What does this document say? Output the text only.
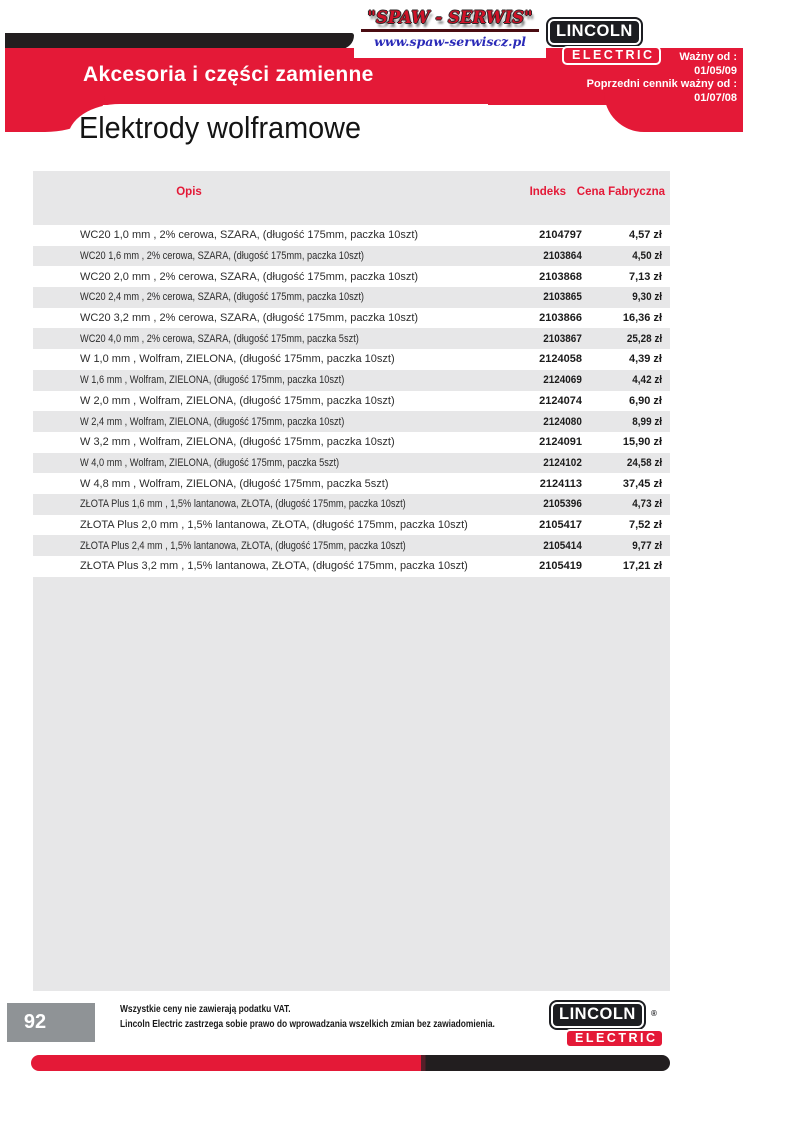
Akcesoria i części zamienne
Ważny od :
01/05/09
Poprzedni cennik ważny od :
01/07/08
Elektrody wolframowe
"SPAW - SERWIS"
www.spaw-serwiscz.pl
LINCOLN	®

ELECTRIC
Opis	Indeks Cena Fabryczna
WC20 1,0 mm , 2% cerowa, SZARA, (długość 175mm, paczka 10szt)	2104797	4,57 zł
WC20 1,6 mm , 2% cerowa, SZARA, (długość 175mm, paczka 10szt)	2103864	4,50 zł
WC20 2,0 mm , 2% cerowa, SZARA, (długość 175mm, paczka 10szt)	2103868	7,13 zł
WC20 2,4 mm , 2% cerowa, SZARA, (długość 175mm, paczka 10szt)	2103865	9,30 zł
WC20 3,2 mm , 2% cerowa, SZARA, (długość 175mm, paczka 10szt)	2103866	16,36 zł
WC20 4,0 mm , 2% cerowa, SZARA, (długość 175mm, paczka 5szt)	2103867	25,28 zł
W 1,0 mm , Wolfram, ZIELONA, (długość 175mm, paczka 10szt)	2124058	4,39 zł
W 1,6 mm , Wolfram, ZIELONA, (długość 175mm, paczka 10szt)	2124069	4,42 zł
W 2,0 mm , Wolfram, ZIELONA, (długość 175mm, paczka 10szt)	2124074	6,90 zł
W 2,4 mm , Wolfram, ZIELONA, (długość 175mm, paczka 10szt)	2124080	8,99 zł
W 3,2 mm , Wolfram, ZIELONA, (długość 175mm, paczka 10szt)	2124091	15,90 zł
W 4,0 mm , Wolfram, ZIELONA, (długość 175mm, paczka 5szt)	2124102	24,58 zł
W 4,8 mm , Wolfram, ZIELONA, (długość 175mm, paczka 5szt)	2124113	37,45 zł
ZŁOTA Plus 1,6 mm , 1,5% lantanowa, ZŁOTA, (długość 175mm, paczka 10szt)	2105396	4,73 zł
ZŁOTA Plus 2,0 mm , 1,5% lantanowa, ZŁOTA, (długość 175mm, paczka 10szt)	2105417	7,52 zł
ZŁOTA Plus 2,4 mm , 1,5% lantanowa, ZŁOTA, (długość 175mm, paczka 10szt)	2105414	9,77 zł
ZŁOTA Plus 3,2 mm , 1,5% lantanowa, ZŁOTA, (długość 175mm, paczka 10szt)	2105419	17,21 zł
92
Wszystkie ceny nie zawierają podatku VAT.
Lincoln Electric zastrzega sobie prawo do wprowadzania wszelkich zmian bez zawiadomienia.
LINCOLN	®

ELECTRIC
